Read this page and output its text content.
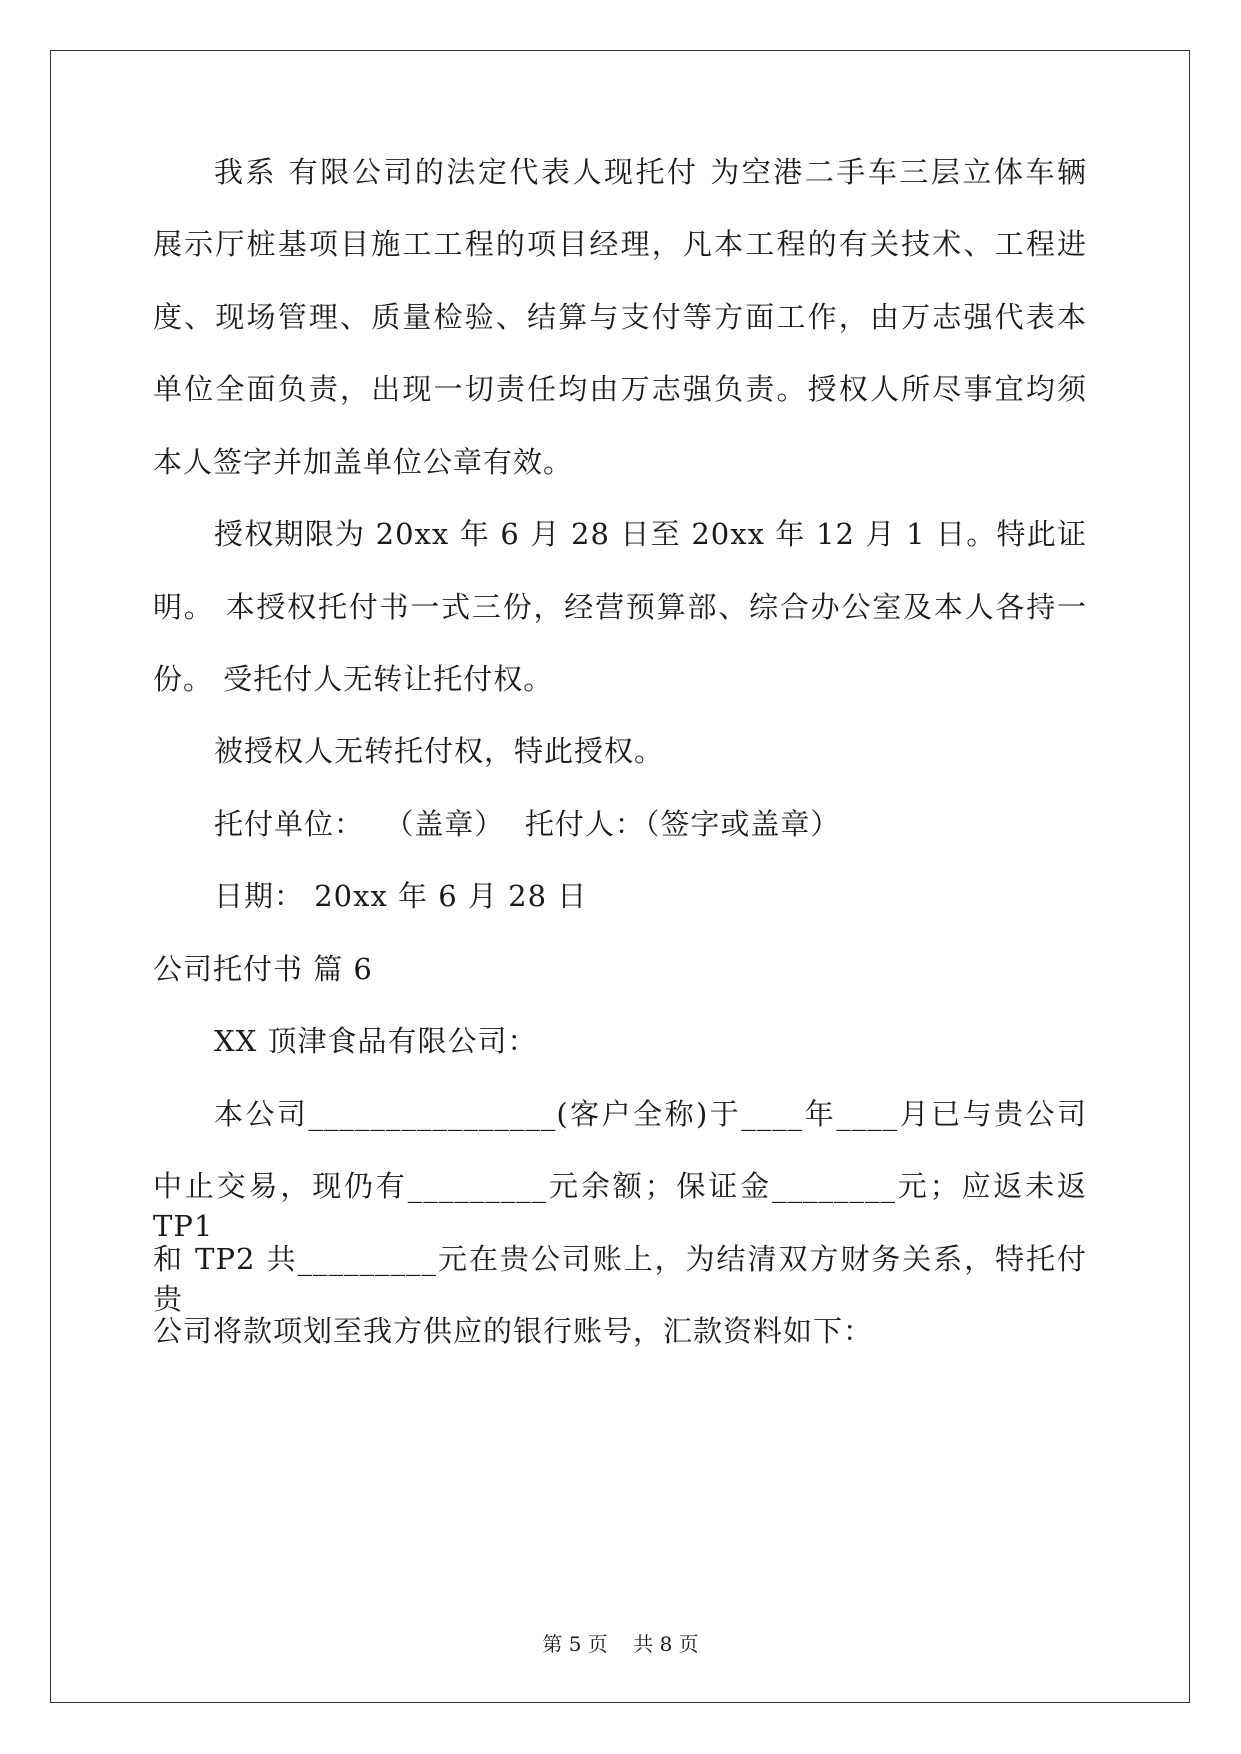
我系 有限公司的法定代表人现托付 为空港二手车三层立体车辆
展示厅桩基项目施工工程的项目经理，凡本工程的有关技术、工程进
度、现场管理、质量检验、结算与支付等方面工作，由万志强代表本
单位全面负责，出现一切责任均由万志强负责。授权人所尽事宜均须
本人签字并加盖单位公章有效。
授权期限为 20xx 年 6 月 28 日至 20xx 年 12 月 1 日。特此证
明。 本授权托付书一式三份，经营预算部、综合办公室及本人各持一
份。 受托付人无转让托付权。
被授权人无转托付权，特此授权。
托付单位：  （盖章）  托付人：（签字或盖章）
日期： 20xx 年 6 月 28 日
公司托付书 篇 6
XX 顶津食品有限公司：
本公司________________(客户全称)于____年____月已与贵公司
中止交易，现仍有_________元余额；保证金________元；应返未返 TP1
和 TP2 共_________元在贵公司账上，为结清双方财务关系，特托付贵
公司将款项划至我方供应的银行账号，汇款资料如下：
第 5 页    共 8 页
